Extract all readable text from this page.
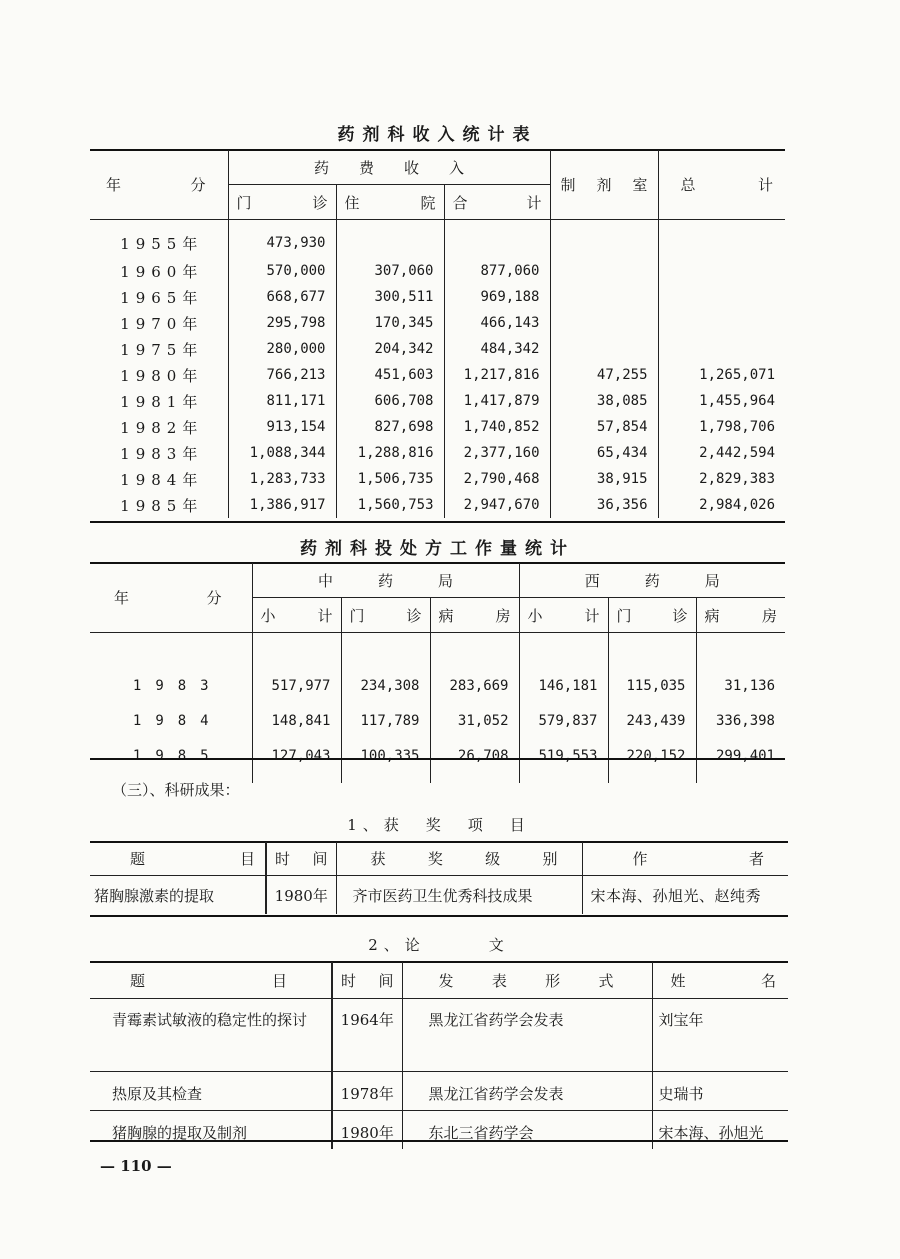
药剂科收入统计表
年　　　分	药　　费　　收　　入			制　剂　室	总　　　计

	门　　诊	住　　院	合　　计		

1955年	473,930				
1960年	570,000	307,060	877,060		
1965年	668,677	300,511	969,188		
1970年	295,798	170,345	466,143		
1975年	280,000	204,342	484,342		
1980年	766,213	451,603	1,217,816	47,255	1,265,071
1981年	811,171	606,708	1,417,879	38,085	1,455,964
1982年	913,154	827,698	1,740,852	57,854	1,798,706
1983年	1,088,344	1,288,816	2,377,160	65,434	2,442,594
1984年	1,283,733	1,506,735	2,790,468	38,915	2,829,383
1985年	1,386,917	1,560,753	2,947,670	36,356	2,984,026
药剂科投处方工作量统计
年　　　分	中　　　药　　　局			西　　　药　　　局		

	小　　计	门　　诊	病　　房	小　　计	门　　诊	病　　房

1983	517,977	234,308	283,669	146,181	115,035	31,136
1984	148,841	117,789	31,052	579,837	243,439	336,398
1985	127,043	100,335	26,708	519,553	220,152	299,401

（三）、科研成果：
1、获　奖　项　目
题　　　　目	时　间	获　　奖　　级　　别	作　　　　者

猪胸腺激素的提取	1980年	齐市医药卫生优秀科技成果	宋本海、孙旭光、赵纯秀
2、论　　　文
题　　　　目	时　间	发　表　形　式	姓　　　名

青霉素试敏液的稳定性的探讨	1964年	黑龙江省药学会发表	刘宝年
热原及其检查	1978年	黑龙江省药学会发表	史瑞书
猪胸腺的提取及制剂	1980年	东北三省药学会	宋本海、孙旭光
— 110 —
